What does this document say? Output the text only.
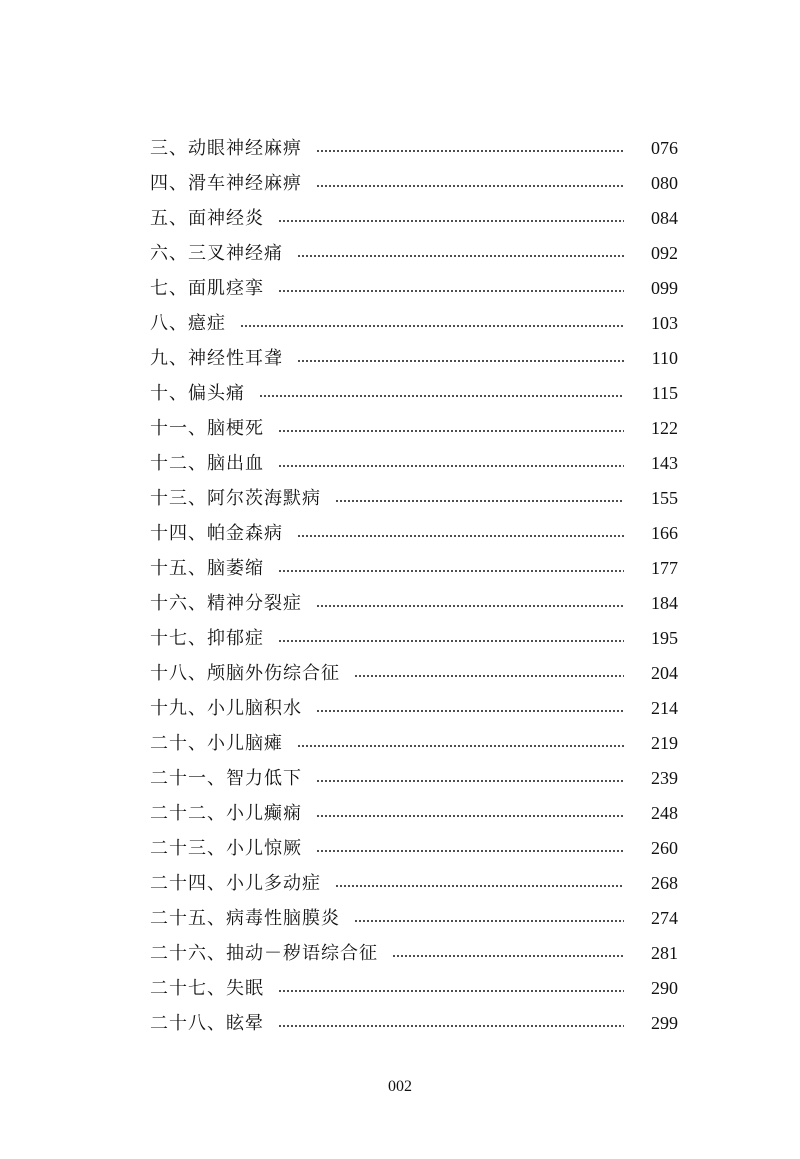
三、动眼神经麻痹	076
四、滑车神经麻痹	080
五、面神经炎	084
六、三叉神经痛	092
七、面肌痉挛	099
八、癔症	103
九、神经性耳聋	110
十、偏头痛	115
十一、脑梗死	122
十二、脑出血	143
十三、阿尔茨海默病	155
十四、帕金森病	166
十五、脑萎缩	177
十六、精神分裂症	184
十七、抑郁症	195
十八、颅脑外伤综合征	204
十九、小儿脑积水	214
二十、小儿脑瘫	219
二十一、智力低下	239
二十二、小儿癫痫	248
二十三、小儿惊厥	260
二十四、小儿多动症	268
二十五、病毒性脑膜炎	274
二十六、抽动－秽语综合征	281
二十七、失眠	290
二十八、眩晕	299
002
